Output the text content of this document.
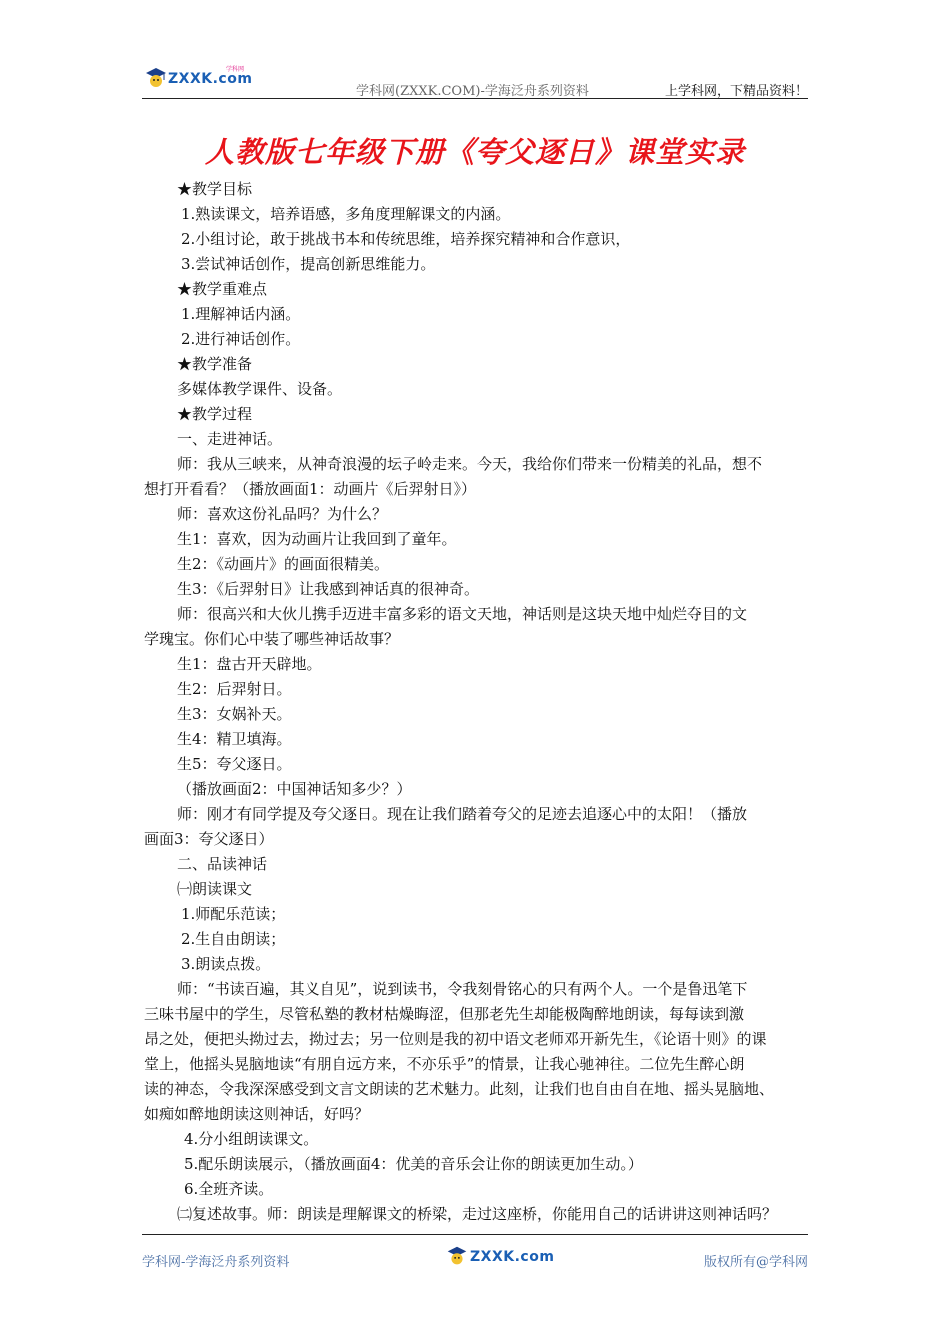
ZXXK.com
学科网
学科网(ZXXK.COM)-学海泛舟系列资料	上学科网，下精品资料！
人教版七年级下册《夸父逐日》课堂实录
★教学目标
1.熟读课文，培养语感，多角度理解课文的内涵。
2.小组讨论，敢于挑战书本和传统思维，培养探究精神和合作意识，
3.尝试神话创作，提高创新思维能力。
★教学重难点
1.理解神话内涵。
2.进行神话创作。
★教学准备
多媒体教学课件、设备。
★教学过程
一、走进神话。
师：我从三峡来，从神奇浪漫的坛子岭走来。今天，我给你们带来一份精美的礼品，想不
想打开看看？（播放画面1：动画片《后羿射日》）
师：喜欢这份礼品吗？为什么？
生1：喜欢，因为动画片让我回到了童年。
生2：《动画片》的画面很精美。
生3：《后羿射日》让我感到神话真的很神奇。
师：很高兴和大伙儿携手迈进丰富多彩的语文天地，神话则是这块天地中灿烂夺目的文
学瑰宝。你们心中装了哪些神话故事？
生1：盘古开天辟地。
生2：后羿射日。
生3：女娲补天。
生4：精卫填海。
生5：夸父逐日。
（播放画面2：中国神话知多少？）
师：刚才有同学提及夸父逐日。现在让我们踏着夸父的足迹去追逐心中的太阳！（播放
画面3：夸父逐日）
二、品读神话
㈠朗读课文
1.师配乐范读；
2.生自由朗读；
3.朗读点拨。
师：“书读百遍，其义自见”，说到读书，令我刻骨铭心的只有两个人。一个是鲁迅笔下
三味书屋中的学生，尽管私塾的教材枯燥晦涩，但那老先生却能极陶醉地朗读，每每读到激
昂之处，便把头拗过去，拗过去；另一位则是我的初中语文老师邓开新先生，《论语十则》的课
堂上，他摇头晃脑地读“有朋自远方来，不亦乐乎”的情景，让我心驰神往。二位先生醉心朗
读的神态，令我深深感受到文言文朗读的艺术魅力。此刻，让我们也自由自在地、摇头晃脑地、
如痴如醉地朗读这则神话，好吗？
4.分小组朗读课文。
5.配乐朗读展示，（播放画面4：优美的音乐会让你的朗读更加生动。）
6.全班齐读。
㈡复述故事。师：朗读是理解课文的桥梁，走过这座桥，你能用自己的话讲讲这则神话吗？
学科网-学海泛舟系列资料	ZXXK.com	版权所有@学科网
